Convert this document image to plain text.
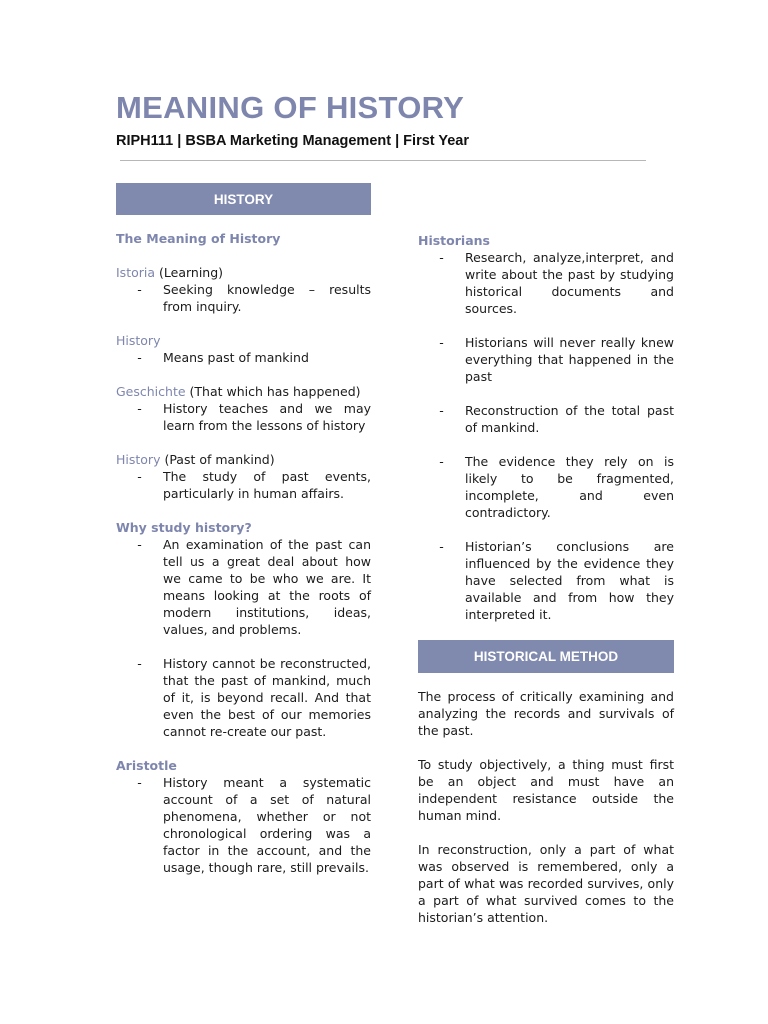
MEANING OF HISTORY
RIPH111 | BSBA Marketing Management | First Year
HISTORY
The Meaning of History
Istoria (Learning)
-	Seeking knowledge – results from inquiry.
History
-	Means past of mankind
Geschichte (That which has happened)
-	History teaches and we may learn from the lessons of history
History (Past of mankind)
-	The study of past events, particularly in human affairs.
Why study history?
-	An examination of the past can tell us a great deal about how we came to be who we are. It means looking at the roots of modern institutions, ideas, values, and problems.
-	History cannot be reconstructed, that the past of mankind, much of it, is beyond recall. And that even the best of our memories cannot re-create our past.
Aristotle
-	History meant a systematic account of a set of natural phenomena, whether or not chronological ordering was a factor in the account, and the usage, though rare, still prevails.
Historians
-	Research, analyze,interpret, and write about the past by studying historical documents and sources.
-	Historians will never really knew everything that happened in the past
-	Reconstruction of the total past of mankind.
-	The evidence they rely on is likely to be fragmented, incomplete, and even contradictory.
-	Historian’s conclusions are influenced by the evidence they have selected from what is available and from how they interpreted it.
HISTORICAL METHOD
The process of critically examining and analyzing the records and survivals of the past.
To study objectively, a thing must first be an object and must have an independent resistance outside the human mind.
In reconstruction, only a part of what was observed is remembered, only a part of what was recorded survives, only a part of what survived comes to the historian’s attention.
